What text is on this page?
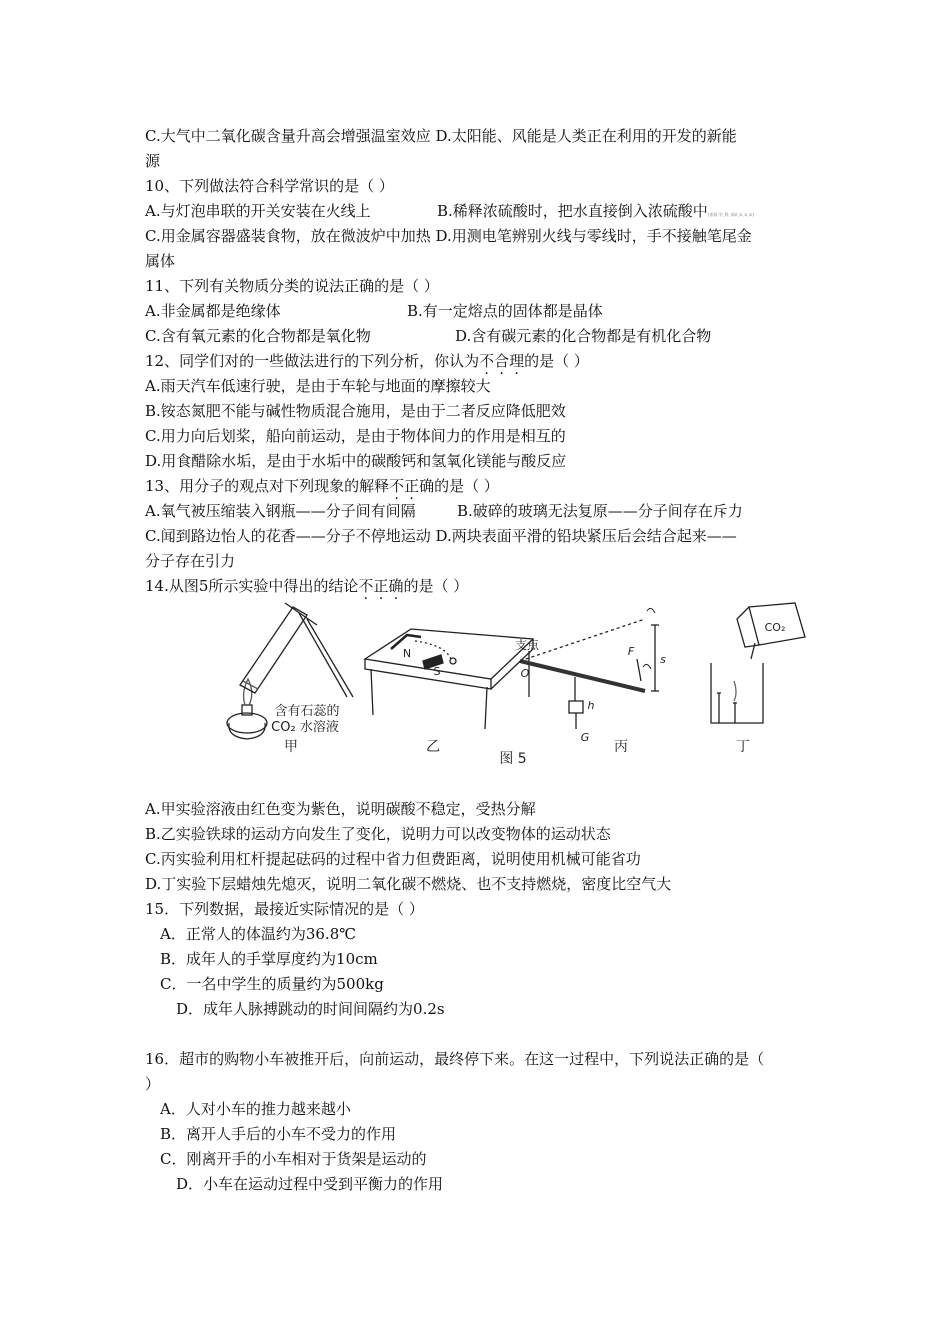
C.大气中二氧化碳含量升高会增强温室效应 D.太阳能、风能是人类正在利用的开发的新能
源
10、下列做法符合科学常识的是（ ）
A.与灯泡串联的开关安装在火线上	B.稀释浓硫酸时，把水直接倒入浓硫酸中[来源:学_科_网Z_X_X_K]
C.用金属容器盛装食物，放在微波炉中加热 D.用测电笔辨别火线与零线时，手不接触笔尾金
属体
11、下列有关物质分类的说法正确的是（ ）
A.非金属都是绝缘体	B.有一定熔点的固体都是晶体
C.含有氧元素的化合物都是氧化物	D.含有碳元素的化合物都是有机化合物
12、同学们对的一些做法进行的下列分析，你认为不合理的是（ ）
A.雨天汽车低速行驶，是由于车轮与地面的摩擦较大
B.铵态氮肥不能与碱性物质混合施用，是由于二者反应降低肥效
C.用力向后划桨，船向前运动，是由于物体间力的作用是相互的
D.用食醋除水垢，是由于水垢中的碳酸钙和氢氧化镁能与酸反应
13、用分子的观点对下列现象的解释不正确的是（ ）
A.氧气被压缩装入钢瓶——分子间有间隔	B.破碎的玻璃无法复原——分子间存在斥力
C.闻到路边怡人的花香——分子不停地运动 D.两块表面平滑的铅块紧压后会结合起来——
分子存在引力
14.从图5所示实验中得出的结论不正确的是（ ）
含有石蕊的
CO₂ 水溶液
N
S
支点
O
F
s
h
G
CO₂
甲	乙
图 5
丙	丁
A.甲实验溶液由红色变为紫色，说明碳酸不稳定，受热分解
B.乙实验铁球的运动方向发生了变化，说明力可以改变物体的运动状态
C.丙实验利用杠杆提起砝码的过程中省力但费距离，说明使用机械可能省功
D.丁实验下层蜡烛先熄灭，说明二氧化碳不燃烧、也不支持燃烧，密度比空气大
15．下列数据，最接近实际情况的是（ ）
A．正常人的体温约为36.8℃
B．成年人的手掌厚度约为10cm
C．一名中学生的质量约为500kg
D．成年人脉搏跳动的时间间隔约为0.2s
16．超市的购物小车被推开后，向前运动，最终停下来。在这一过程中，下列说法正确的是（
）
A．人对小车的推力越来越小
B．离开人手后的小车不受力的作用
C．刚离开手的小车相对于货架是运动的
D．小车在运动过程中受到平衡力的作用
